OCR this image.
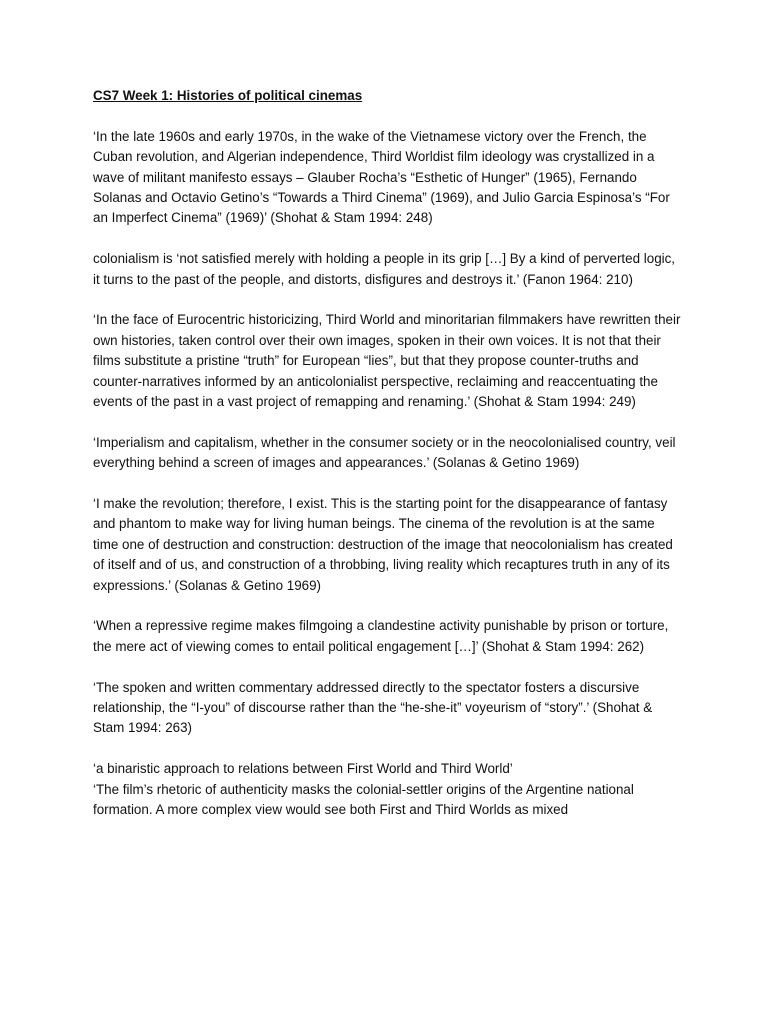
CS7 Week 1: Histories of political cinemas

‘In the late 1960s and early 1970s, in the wake of the Vietnamese victory over the French, the Cuban revolution, and Algerian independence, Third Worldist film ideology was crystallized in a wave of militant manifesto essays – Glauber Rocha’s “Esthetic of Hunger” (1965), Fernando Solanas and Octavio Getino’s “Towards a Third Cinema” (1969), and Julio Garcia Espinosa’s “For an Imperfect Cinema” (1969)’ (Shohat & Stam 1994: 248)

colonialism is ‘not satisfied merely with holding a people in its grip […] By a kind of perverted logic, it turns to the past of the people, and distorts, disfigures and destroys it.’ (Fanon 1964: 210)

‘In the face of Eurocentric historicizing, Third World and minoritarian filmmakers have rewritten their own histories, taken control over their own images, spoken in their own voices. It is not that their films substitute a pristine “truth” for European “lies”, but that they propose counter-truths and counter-narratives informed by an anticolonialist perspective, reclaiming and reaccentuating the events of the past in a vast project of remapping and renaming.’ (Shohat & Stam 1994: 249)

‘Imperialism and capitalism, whether in the consumer society or in the neocolonialised country, veil everything behind a screen of images and appearances.’ (Solanas & Getino 1969)

‘I make the revolution; therefore, I exist. This is the starting point for the disappearance of fantasy and phantom to make way for living human beings. The cinema of the revolution is at the same time one of destruction and construction: destruction of the image that neocolonialism has created of itself and of us, and construction of a throbbing, living reality which recaptures truth in any of its expressions.’ (Solanas & Getino 1969)

‘When a repressive regime makes filmgoing a clandestine activity punishable by prison or torture, the mere act of viewing comes to entail political engagement […]’ (Shohat & Stam 1994: 262)

‘The spoken and written commentary addressed directly to the spectator fosters a discursive relationship, the “I-you” of discourse rather than the “he-she-it” voyeurism of “story”.’ (Shohat & Stam 1994: 263)

‘a binaristic approach to relations between First World and Third World’

‘The film’s rhetoric of authenticity masks the colonial-settler origins of the Argentine national formation. A more complex view would see both First and Third Worlds as mixed
